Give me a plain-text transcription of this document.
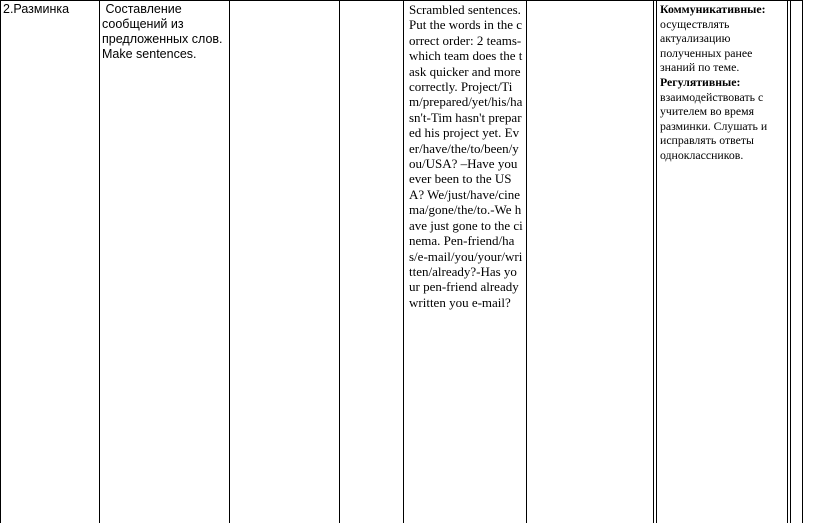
2.Разминка	Составление сообщений из предложенных слов.
Make sentences.
Scrambled sentences. Put the words in the correct order: 2 teams- which team does the task quicker and more correctly. Project/Tim/prepared/yet/his/hasn't-Tim hasn't prepared his project yet. Ever/have/the/to/been/you/USA? –Have you ever been to the USA? We/just/have/cinema/gone/the/to.-We have just gone to the cinema. Pen-friend/has/e-mail/you/your/written/already?-Has your pen-friend already written you e-mail?
Коммуникативные:
осуществлять актуализацию полученных ранее знаний по теме.
Регулятивные:
взаимодействовать с учителем во время разминки. Слушать и исправлять ответы одноклассников.
